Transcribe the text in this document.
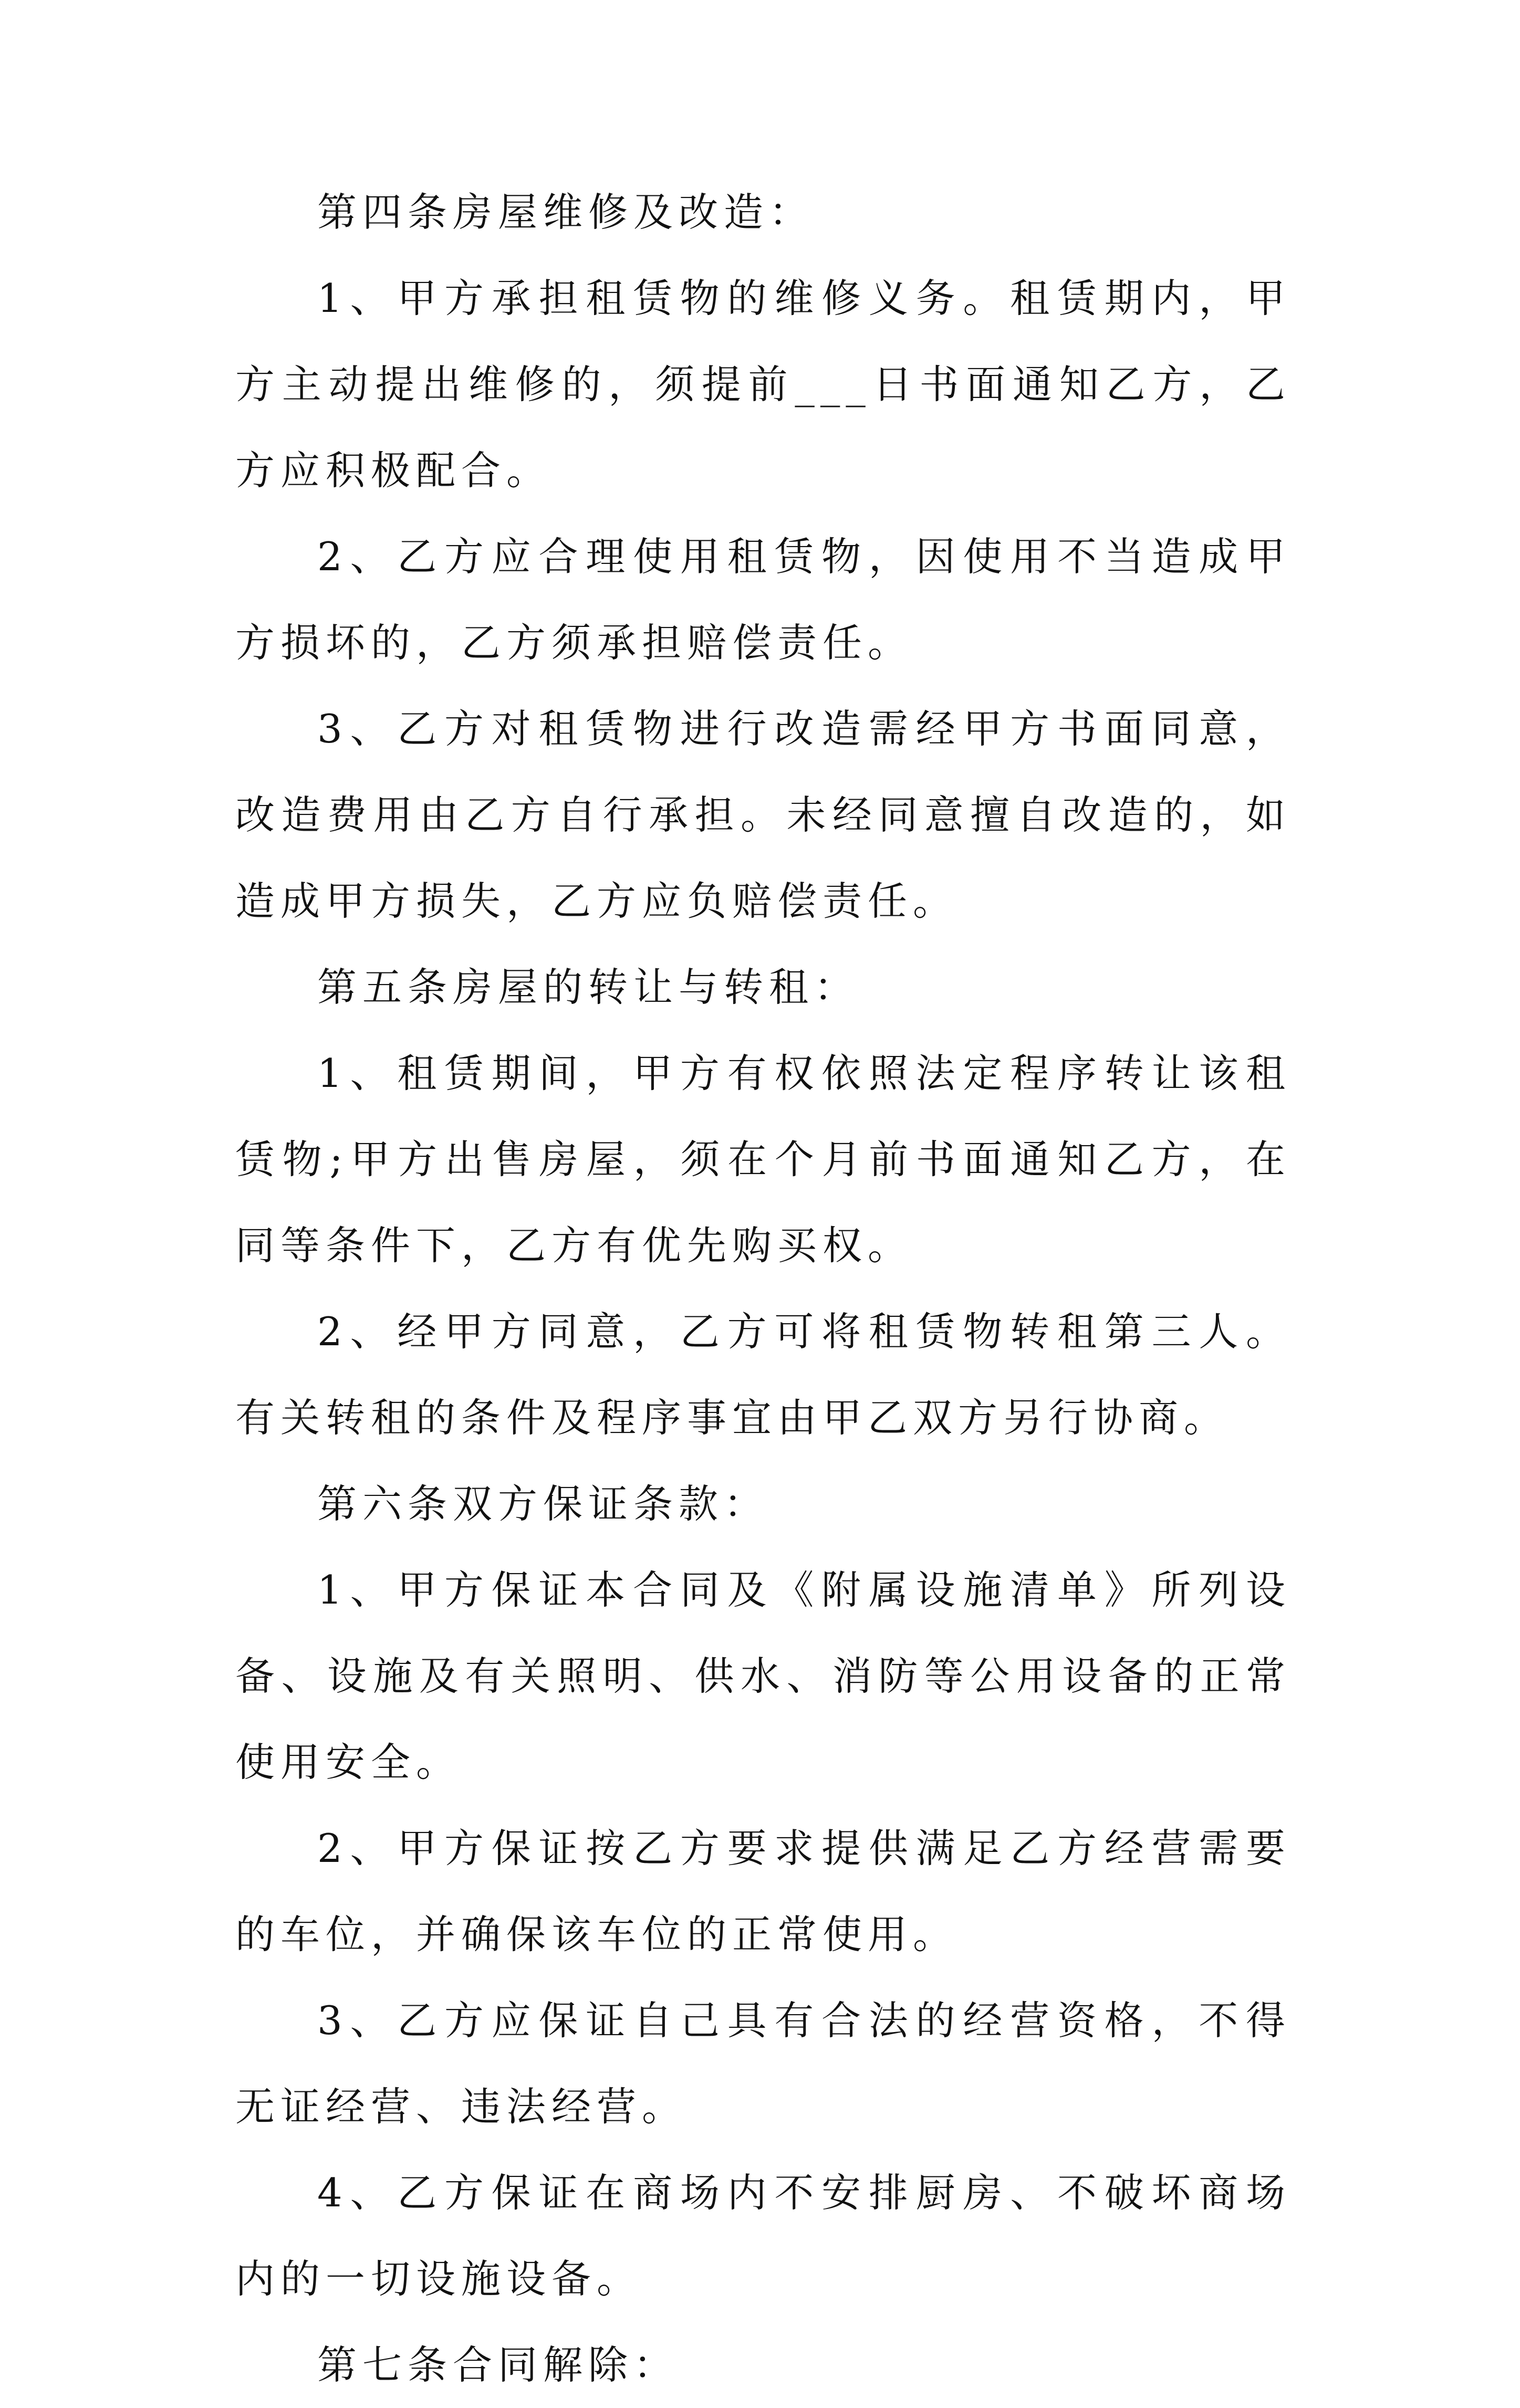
第四条房屋维修及改造：

1、甲方承担租赁物的维修义务。租赁期内，甲方主动提出维修的，须提前___日书面通知乙方，乙方应积极配合。

2、乙方应合理使用租赁物，因使用不当造成甲方损坏的，乙方须承担赔偿责任。

3、乙方对租赁物进行改造需经甲方书面同意，改造费用由乙方自行承担。未经同意擅自改造的，如造成甲方损失，乙方应负赔偿责任。

第五条房屋的转让与转租：

1、租赁期间，甲方有权依照法定程序转让该租赁物;甲方出售房屋，须在个月前书面通知乙方，在同等条件下，乙方有优先购买权。

2、经甲方同意，乙方可将租赁物转租第三人。有关转租的条件及程序事宜由甲乙双方另行协商。

第六条双方保证条款：

1、甲方保证本合同及《附属设施清单》所列设备、设施及有关照明、供水、消防等公用设备的正常使用安全。

2、甲方保证按乙方要求提供满足乙方经营需要的车位，并确保该车位的正常使用。

3、乙方应保证自己具有合法的经营资格，不得无证经营、违法经营。

4、乙方保证在商场内不安排厨房、不破坏商场内的一切设施设备。

第七条合同解除：
